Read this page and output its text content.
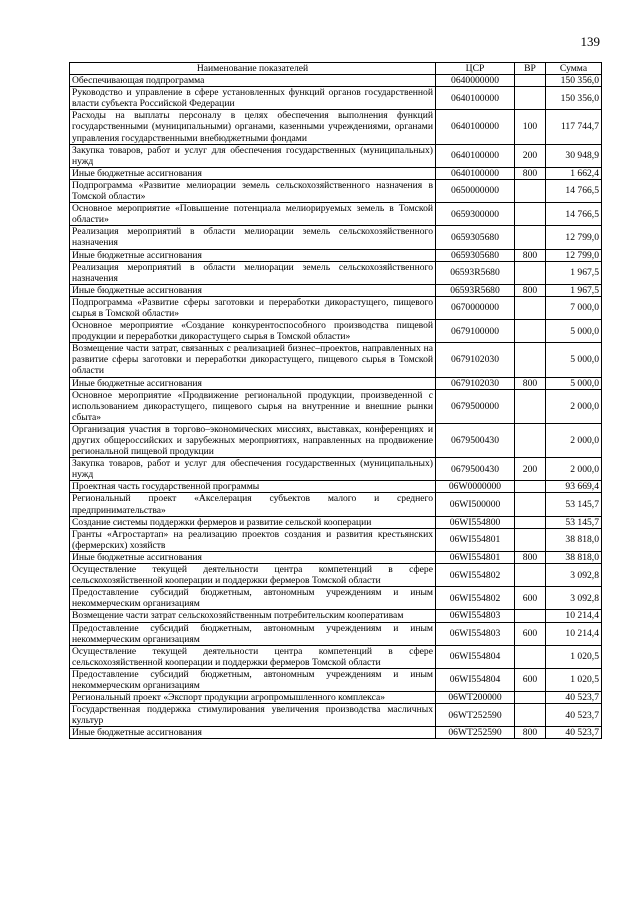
139
Наименование показателей	ЦСР	ВР	Сумма
Обеспечивающая подпрограмма	0640000000		150 356,0
Руководство и управление в сфере установленных функций органов государственной власти субъекта Российской Федерации	0640100000		150 356,0
Расходы на выплаты персоналу в целях обеспечения выполнения функций государственными (муниципальными) органами, казенными учреждениями, органами управления государственными внебюджетными фондами	0640100000	100	117 744,7
Закупка товаров, работ и услуг для обеспечения государственных (муниципальных) нужд	0640100000	200	30 948,9
Иные бюджетные ассигнования	0640100000	800	1 662,4
Подпрограмма «Развитие мелиорации земель сельскохозяйственного назначения в Томской области»	0650000000		14 766,5
Основное мероприятие «Повышение потенциала мелиорируемых земель в Томской области»	0659300000		14 766,5
Реализация мероприятий в области мелиорации земель сельскохозяйственного назначения	0659305680		12 799,0
Иные бюджетные ассигнования	0659305680	800	12 799,0
Реализация мероприятий в области мелиорации земель сельскохозяйственного назначения	06593R5680		1 967,5
Иные бюджетные ассигнования	06593R5680	800	1 967,5
Подпрограмма «Развитие сферы заготовки и переработки дикорастущего, пищевого сырья в Томской области»	0670000000		7 000,0
Основное мероприятие «Создание конкурентоспособного производства пищевой продукции и переработки дикорастущего сырья в Томской области»	0679100000		5 000,0
Возмещение части затрат, связанных с реализацией бизнес–проектов, направленных на развитие сферы заготовки и переработки дикорастущего, пищевого сырья в Томской области	0679102030		5 000,0
Иные бюджетные ассигнования	0679102030	800	5 000,0
Основное мероприятие «Продвижение региональной продукции, произведенной с использованием дикорастущего, пищевого сырья на внутренние и внешние рынки сбыта»	0679500000		2 000,0
Организация участия в торгово–экономических миссиях, выставках, конференциях и других общероссийских и зарубежных мероприятиях, направленных на продвижение региональной пищевой продукции	0679500430		2 000,0
Закупка товаров, работ и услуг для обеспечения государственных (муниципальных) нужд	0679500430	200	2 000,0
Проектная часть государственной программы	06W0000000		93 669,4
Региональный проект «Акселерация субъектов малого и среднего предпринимательства»	06WI500000		53 145,7
Создание системы поддержки фермеров и развитие сельской кооперации	06WI554800		53 145,7
Гранты «Агростартап» на реализацию проектов создания и развития крестьянских (фермерских) хозяйств	06WI554801		38 818,0
Иные бюджетные ассигнования	06WI554801	800	38 818,0
Осуществление текущей деятельности центра компетенций в сфере сельскохозяйственной кооперации и поддержки фермеров Томской области	06WI554802		3 092,8
Предоставление субсидий бюджетным, автономным учреждениям и иным некоммерческим организациям	06WI554802	600	3 092,8
Возмещение части затрат сельскохозяйственным потребительским кооперативам	06WI554803		10 214,4
Предоставление субсидий бюджетным, автономным учреждениям и иным некоммерческим организациям	06WI554803	600	10 214,4
Осуществление текущей деятельности центра компетенций в сфере сельскохозяйственной кооперации и поддержки фермеров Томской области	06WI554804		1 020,5
Предоставление субсидий бюджетным, автономным учреждениям и иным некоммерческим организациям	06WI554804	600	1 020,5
Региональный проект «Экспорт продукции агропромышленного комплекса»	06WT200000		40 523,7
Государственная поддержка стимулирования увеличения производства масличных культур	06WT252590		40 523,7
Иные бюджетные ассигнования	06WT252590	800	40 523,7
